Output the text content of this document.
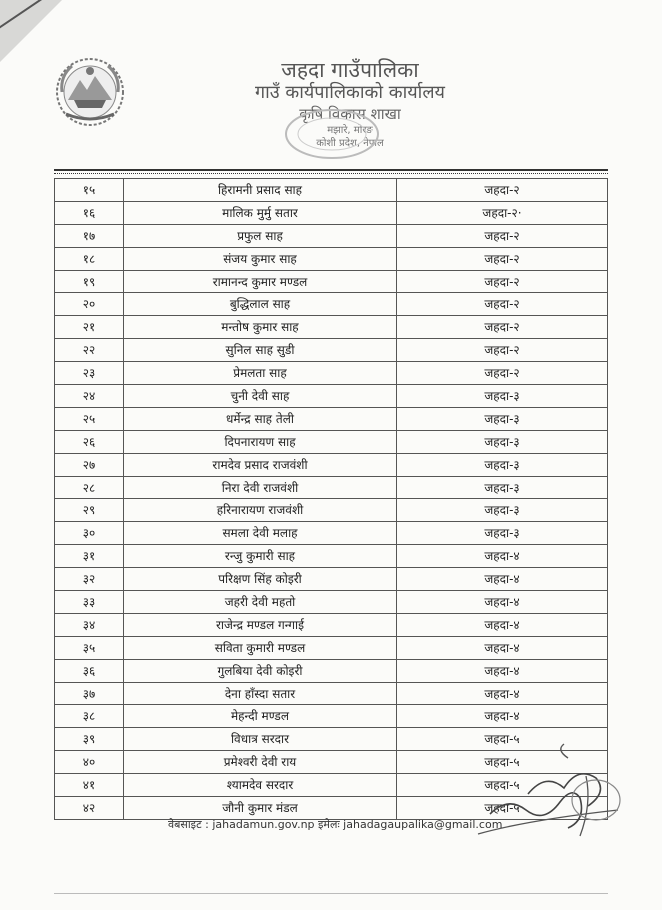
जहदा गाउँपालिका
गाउँ कार्यपालिकाको कार्यालय
कृषि विकास शाखा
मझारे, मोरङ
कोशी प्रदेश, नेपाल
१५	हिरामनी प्रसाद साह	जहदा-२
१६	मालिक मुर्मु सतार	जहदा-२·
१७	प्रफुल साह	जहदा-२
१८	संजय कुमार साह	जहदा-२
१९	रामानन्द कुमार मण्डल	जहदा-२
२०	बुद्धिलाल साह	जहदा-२
२१	मन्तोष कुमार साह	जहदा-२
२२	सुनिल साह सुडी	जहदा-२
२३	प्रेमलता साह	जहदा-२
२४	चुनी देवी साह	जहदा-३
२५	धर्मेन्द्र साह तेली	जहदा-३
२६	दिपनारायण साह	जहदा-३
२७	रामदेव प्रसाद राजवंशी	जहदा-३
२८	निरा देवी राजवंशी	जहदा-३
२९	हरिनारायण राजवंशी	जहदा-३
३०	समला देवी मलाह	जहदा-३
३१	रन्जु कुमारी साह	जहदा-४
३२	परिक्षण सिंह कोइरी	जहदा-४
३३	जहरी देवी महतो	जहदा-४
३४	राजेन्द्र मण्डल गन्गाई	जहदा-४
३५	सविता कुमारी मण्डल	जहदा-४
३६	गुलबिया देवी कोइरी	जहदा-४
३७	देना हाँस्दा सतार	जहदा-४
३८	मेहन्दी मण्डल	जहदा-४
३९	विधात्र सरदार	जहदा-५
४०	प्रमेश्वरी देवी राय	जहदा-५
४१	श्यामदेव सरदार	जहदा-५
४२	जौनी कुमार मंडल	जहदा-५
वेबसाइट : jahadamun.gov.np इमेलः jahadagaupalika@gmail.com
